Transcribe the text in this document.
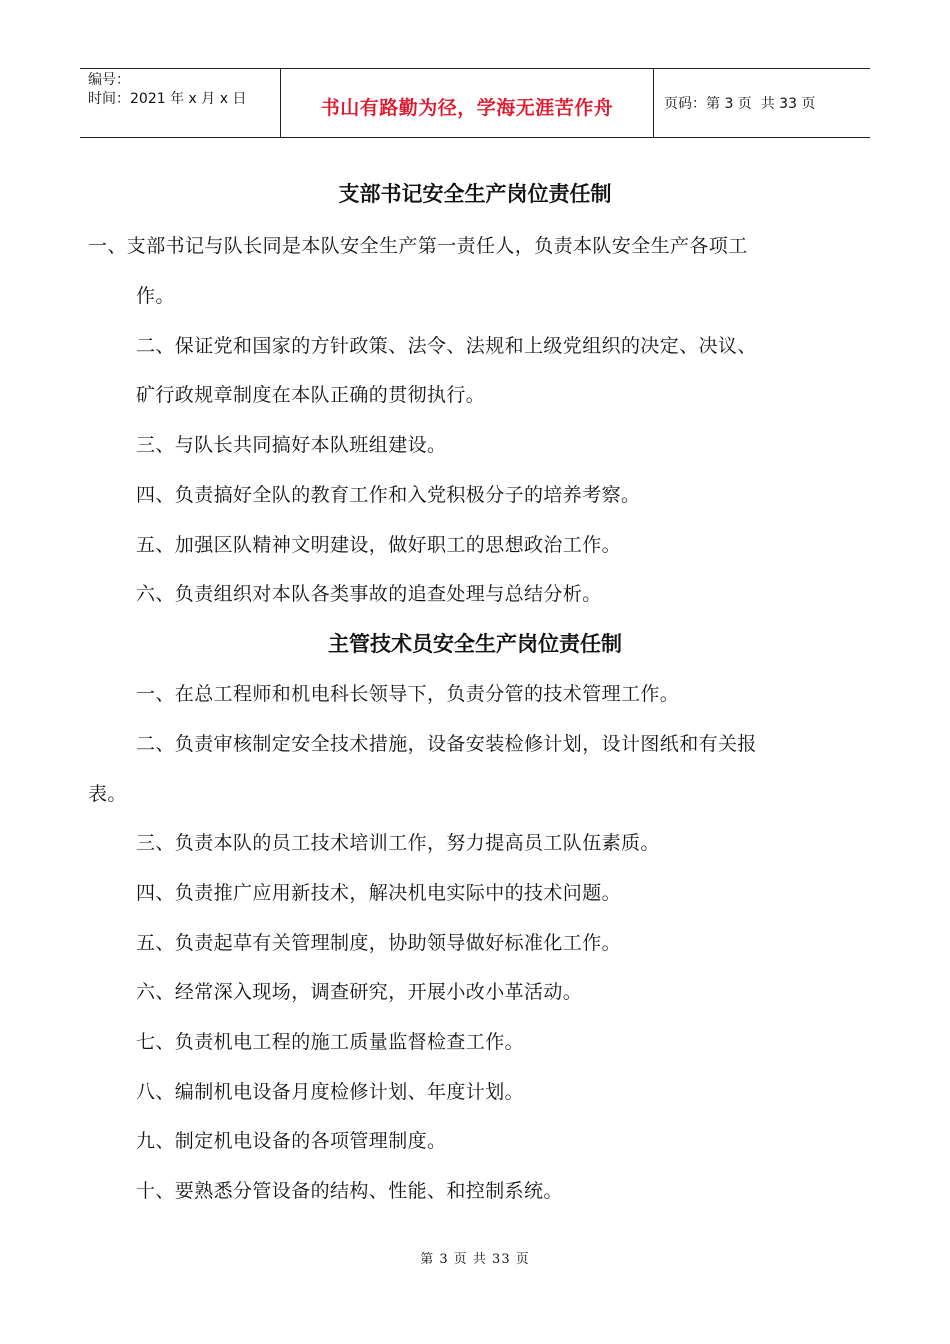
编号：
时间：2021 年 x 月 x 日	书山有路勤为径，学海无涯苦作舟	页码：第 3 页  共 33 页
支部书记安全生产岗位责任制

一、支部书记与队长同是本队安全生产第一责任人，负责本队安全生产各项工

作。

二、保证党和国家的方针政策、法令、法规和上级党组织的决定、决议、

矿行政规章制度在本队正确的贯彻执行。

三、与队长共同搞好本队班组建设。

四、负责搞好全队的教育工作和入党积极分子的培养考察。

五、加强区队精神文明建设，做好职工的思想政治工作。

六、负责组织对本队各类事故的追查处理与总结分析。

主管技术员安全生产岗位责任制

一、在总工程师和机电科长领导下，负责分管的技术管理工作。

二、负责审核制定安全技术措施，设备安装检修计划，设计图纸和有关报

表。

三、负责本队的员工技术培训工作，努力提高员工队伍素质。

四、负责推广应用新技术，解决机电实际中的技术问题。

五、负责起草有关管理制度，协助领导做好标准化工作。

六、经常深入现场，调查研究，开展小改小革活动。

七、负责机电工程的施工质量监督检查工作。

八、编制机电设备月度检修计划、年度计划。

九、制定机电设备的各项管理制度。

十、要熟悉分管设备的结构、性能、和控制系统。

第 3 页 共 33 页
